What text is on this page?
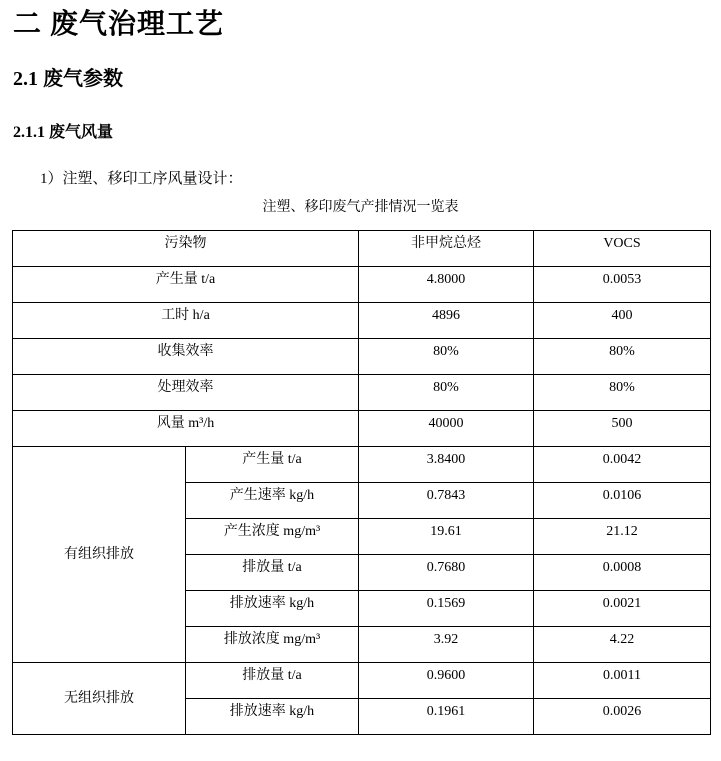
二 废气治理工艺
2.1 废气参数
2.1.1 废气风量
1）注塑、移印工序风量设计：
注塑、移印废气产排情况一览表
污染物		非甲烷总烃	VOCS
产生量 t/a		4.8000	0.0053
工时 h/a		4896	400
收集效率		80%	80%
处理效率		80%	80%
风量 m³/h		40000	500
有组织排放	产生量 t/a	3.8400	0.0042
	产生速率 kg/h	0.7843	0.0106
	产生浓度 mg/m³	19.61	21.12
	排放量 t/a	0.7680	0.0008
	排放速率 kg/h	0.1569	0.0021
	排放浓度 mg/m³	3.92	4.22
无组织排放	排放量 t/a	0.9600	0.0011
	排放速率 kg/h	0.1961	0.0026
